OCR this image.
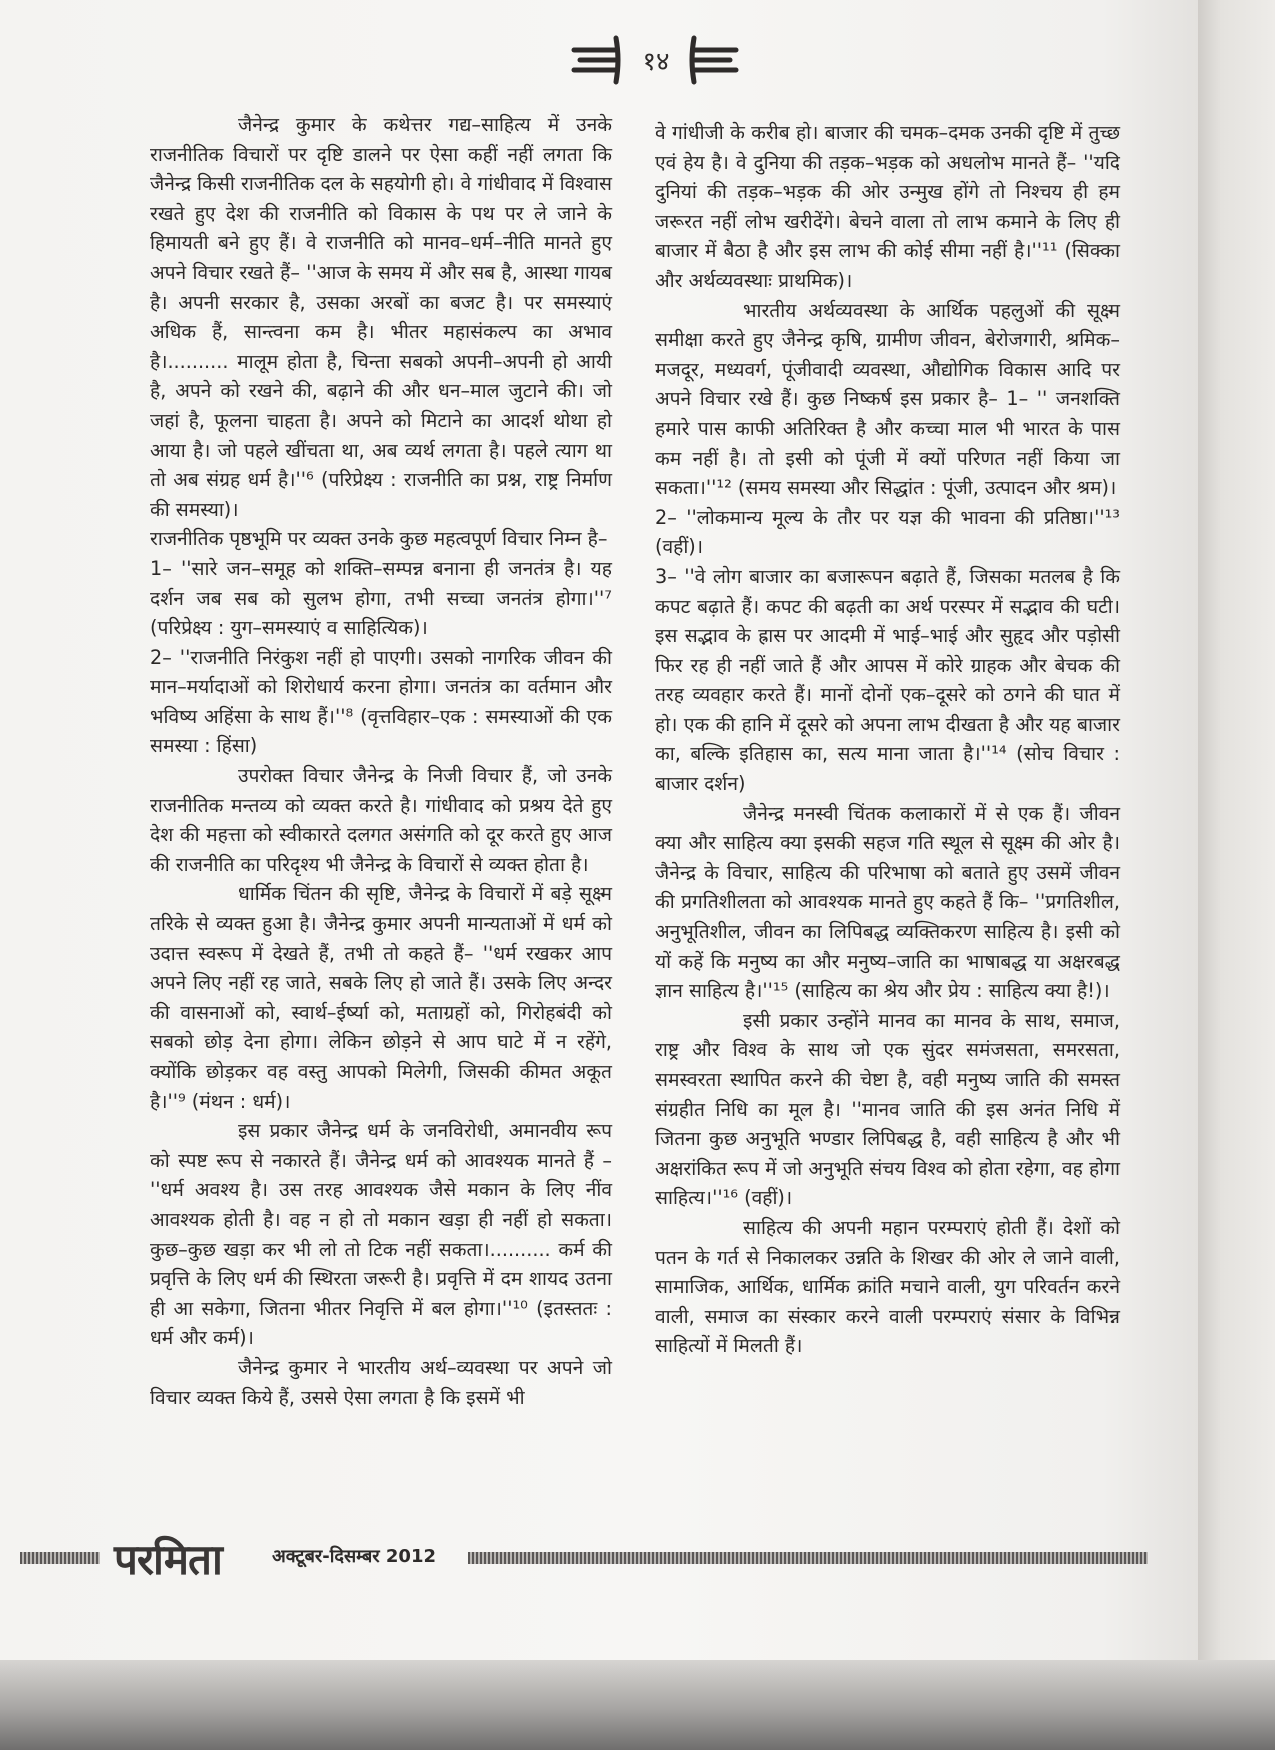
१४

जैनेन्द्र कुमार के कथेत्तर गद्य–साहित्य में उनके राजनीतिक विचारों पर दृष्टि डालने पर ऐसा कहीं नहीं लगता कि जैनेन्द्र किसी राजनीतिक दल के सहयोगी हो। वे गांधीवाद में विश्वास रखते हुए देश की राजनीति को विकास के पथ पर ले जाने के हिमायती बने हुए हैं। वे राजनीति को मानव–धर्म–नीति मानते हुए अपने विचार रखते हैं– ''आज के समय में और सब है, आस्था गायब है। अपनी सरकार है, उसका अरबों का बजट है। पर समस्याएं अधिक हैं, सान्त्वना कम है। भीतर महासंकल्प का अभाव है।.......... मालूम होता है, चिन्ता सबको अपनी–अपनी हो आयी है, अपने को रखने की, बढ़ाने की और धन–माल जुटाने की। जो जहां है, फूलना चाहता है। अपने को मिटाने का आदर्श थोथा हो आया है। जो पहले खींचता था, अब व्यर्थ लगता है। पहले त्याग था तो अब संग्रह धर्म है।''⁶ (परिप्रेक्ष्य : राजनीति का प्रश्न, राष्ट्र निर्माण की समस्या)।

राजनीतिक पृष्ठभूमि पर व्यक्त उनके कुछ महत्वपूर्ण विचार निम्न है–

1– ''सारे जन–समूह को शक्ति–सम्पन्न बनाना ही जनतंत्र है। यह दर्शन जब सब को सुलभ होगा, तभी सच्चा जनतंत्र होगा।''⁷ (परिप्रेक्ष्य : युग–समस्याएं व साहित्यिक)।

2– ''राजनीति निरंकुश नहीं हो पाएगी। उसको नागरिक जीवन की मान–मर्यादाओं को शिरोधार्य करना होगा। जनतंत्र का वर्तमान और भविष्य अहिंसा के साथ हैं।''⁸ (वृत्तविहार–एक : समस्याओं की एक समस्या : हिंसा)

उपरोक्त विचार जैनेन्द्र के निजी विचार हैं, जो उनके राजनीतिक मन्तव्य को व्यक्त करते है। गांधीवाद को प्रश्रय देते हुए देश की महत्ता को स्वीकारते दलगत असंगति को दूर करते हुए आज की राजनीति का परिदृश्य भी जैनेन्द्र के विचारों से व्यक्त होता है।

धार्मिक चिंतन की सृष्टि, जैनेन्द्र के विचारों में बड़े सूक्ष्म तरिके से व्यक्त हुआ है। जैनेन्द्र कुमार अपनी मान्यताओं में धर्म को उदात्त स्वरूप में देखते हैं, तभी तो कहते हैं– ''धर्म रखकर आप अपने लिए नहीं रह जाते, सबके लिए हो जाते हैं। उसके लिए अन्दर की वासनाओं को, स्वार्थ–ईर्ष्या को, मताग्रहों को, गिरोहबंदी को सबको छोड़ देना होगा। लेकिन छोड़ने से आप घाटे में न रहेंगे, क्योंकि छोड़कर वह वस्तु आपको मिलेगी, जिसकी कीमत अकूत है।''⁹ (मंथन : धर्म)।

इस प्रकार जैनेन्द्र धर्म के जनविरोधी, अमानवीय रूप को स्पष्ट रूप से नकारते हैं। जैनेन्द्र धर्म को आवश्यक मानते हैं – ''धर्म अवश्य है। उस तरह आवश्यक जैसे मकान के लिए नींव आवश्यक होती है। वह न हो तो मकान खड़ा ही नहीं हो सकता। कुछ–कुछ खड़ा कर भी लो तो टिक नहीं सकता।.......... कर्म की प्रवृत्ति के लिए धर्म की स्थिरता जरूरी है। प्रवृत्ति में दम शायद उतना ही आ सकेगा, जितना भीतर निवृत्ति में बल होगा।''¹⁰ (इतस्ततः : धर्म और कर्म)।

जैनेन्द्र कुमार ने भारतीय अर्थ–व्यवस्था पर अपने जो विचार व्यक्त किये हैं, उससे ऐसा लगता है कि इसमें भी

वे गांधीजी के करीब हो। बाजार की चमक–दमक उनकी दृष्टि में तुच्छ एवं हेय है। वे दुनिया की तड़क–भड़क को अधलोभ मानते हैं– ''यदि दुनियां की तड़क–भड़क की ओर उन्मुख होंगे तो निश्चय ही हम जरूरत नहीं लोभ खरीदेंगे। बेचने वाला तो लाभ कमाने के लिए ही बाजार में बैठा है और इस लाभ की कोई सीमा नहीं है।''¹¹ (सिक्का और अर्थव्यवस्थाः प्राथमिक)।

भारतीय अर्थव्यवस्था के आर्थिक पहलुओं की सूक्ष्म समीक्षा करते हुए जैनेन्द्र कृषि, ग्रामीण जीवन, बेरोजगारी, श्रमिक–मजदूर, मध्यवर्ग, पूंजीवादी व्यवस्था, औद्योगिक विकास आदि पर अपने विचार रखे हैं। कुछ निष्कर्ष इस प्रकार है– 1– '' जनशक्ति हमारे पास काफी अतिरिक्त है और कच्चा माल भी भारत के पास कम नहीं है। तो इसी को पूंजी में क्यों परिणत नहीं किया जा सकता।''¹² (समय समस्या और सिद्धांत : पूंजी, उत्पादन और श्रम)।

2– ''लोकमान्य मूल्य के तौर पर यज्ञ की भावना की प्रतिष्ठा।''¹³ (वहीं)।

3– ''वे लोग बाजार का बजारूपन बढ़ाते हैं, जिसका मतलब है कि कपट बढ़ाते हैं। कपट की बढ़ती का अर्थ परस्पर में सद्भाव की घटी। इस सद्भाव के ह्रास पर आदमी में भाई–भाई और सुहृद और पड़ोसी फिर रह ही नहीं जाते हैं और आपस में कोरे ग्राहक और बेचक की तरह व्यवहार करते हैं। मानों दोनों एक–दूसरे को ठगने की घात में हो। एक की हानि में दूसरे को अपना लाभ दीखता है और यह बाजार का, बल्कि इतिहास का, सत्य माना जाता है।''¹⁴ (सोच विचार : बाजार दर्शन)

जैनेन्द्र मनस्वी चिंतक कलाकारों में से एक हैं। जीवन क्या और साहित्य क्या इसकी सहज गति स्थूल से सूक्ष्म की ओर है। जैनेन्द्र के विचार, साहित्य की परिभाषा को बताते हुए उसमें जीवन की प्रगतिशीलता को आवश्यक मानते हुए कहते हैं कि– ''प्रगतिशील, अनुभूतिशील, जीवन का लिपिबद्ध व्यक्तिकरण साहित्य है। इसी को यों कहें कि मनुष्य का और मनुष्य–जाति का भाषाबद्ध या अक्षरबद्ध ज्ञान साहित्य है।''¹⁵ (साहित्य का श्रेय और प्रेय : साहित्य क्या है!)।

इसी प्रकार उन्होंने मानव का मानव के साथ, समाज, राष्ट्र और विश्व के साथ जो एक सुंदर समंजसता, समरसता, समस्वरता स्थापित करने की चेष्टा है, वही मनुष्य जाति की समस्त संग्रहीत निधि का मूल है। ''मानव जाति की इस अनंत निधि में जितना कुछ अनुभूति भण्डार लिपिबद्ध है, वही साहित्य है और भी अक्षरांकित रूप में जो अनुभूति संचय विश्व को होता रहेगा, वह होगा साहित्य।''¹⁶ (वहीं)।

साहित्य की अपनी महान परम्पराएं होती हैं। देशों को पतन के गर्त से निकालकर उन्नति के शिखर की ओर ले जाने वाली, सामाजिक, आर्थिक, धार्मिक क्रांति मचाने वाली, युग परिवर्तन करने वाली, समाज का संस्कार करने वाली परम्पराएं संसार के विभिन्न साहित्यों में मिलती हैं।

परमिता	अक्टूबर-दिसम्बर 2012
